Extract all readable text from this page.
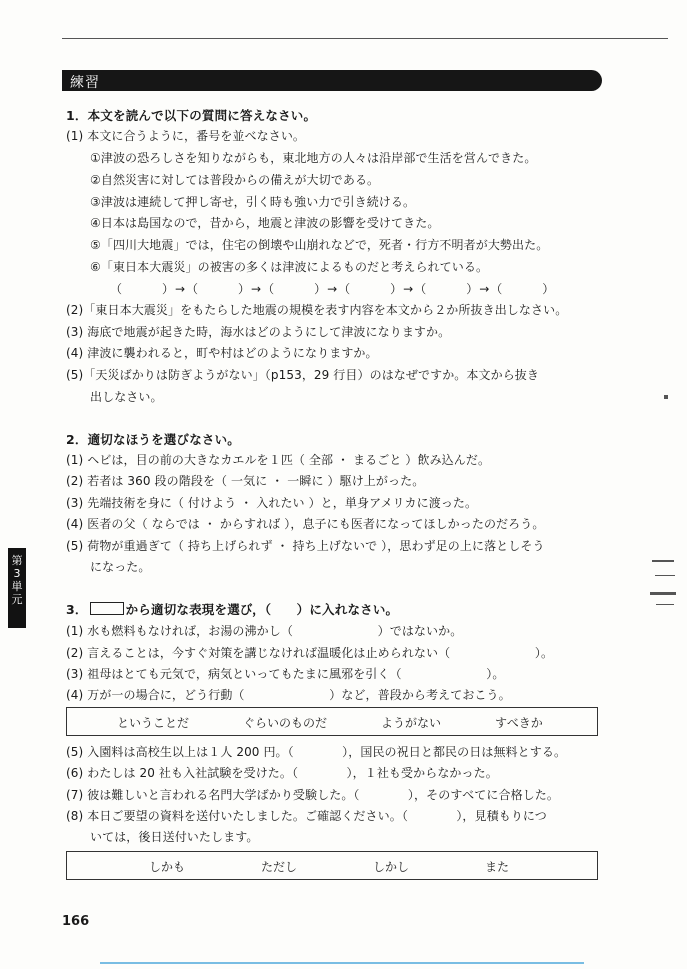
練習
1．本文を読んで以下の質問に答えなさい。
(1) 本文に合うように，番号を並べなさい。
①津波の恐ろしさを知りながらも，東北地方の人々は沿岸部で生活を営んできた。
②自然災害に対しては普段からの備えが大切である。
③津波は連続して押し寄せ，引く時も強い力で引き続ける。
④日本は島国なので，昔から，地震と津波の影響を受けてきた。
⑤「四川大地震」では，住宅の倒壊や山崩れなどで，死者・行方不明者が大勢出た。
⑥「東日本大震災」の被害の多くは津波によるものだと考えられている。
（　　　）→（　　　）→（　　　）→（　　　）→（　　　）→（　　　）
(2)「東日本大震災」をもたらした地震の規模を表す内容を本文から２か所抜き出しなさい。
(3) 海底で地震が起きた時，海水はどのようにして津波になりますか。
(4) 津波に襲われると，町や村はどのようになりますか。
(5)「天災ばかりは防ぎようがない」（p153，29 行目）のはなぜですか。本文から抜き
出しなさい。
2．適切なほうを選びなさい。
(1) ヘビは，目の前の大きなカエルを１匹（ 全部 ・ まるごと ）飲み込んだ。
(2) 若者は 360 段の階段を（ 一気に ・ 一瞬に ）駆け上がった。
(3) 先端技術を身に（ 付けよう ・ 入れたい ）と，単身アメリカに渡った。
(4) 医者の父（ ならでは ・ からすれば ），息子にも医者になってほしかったのだろう。
(5) 荷物が重過ぎて（ 持ち上げられず ・ 持ち上げないで ），思わず足の上に落としそう
になった。
3．	から適切な表現を選び，（　　）に入れなさい。
(1) 水も燃料もなければ，お湯の沸かし（　　　　　　　）ではないか。
(2) 言えることは，今すぐ対策を講じなければ温暖化は止められない（　　　　　　　）。
(3) 祖母はとても元気で，病気といってもたまに風邪を引く（　　　　　　　）。
(4) 万が一の場合に，どう行動（　　　　　　　）など，普段から考えておこう。
ということだ	ぐらいのものだ	ようがない	すべきか
(5) 入園料は高校生以上は１人 200 円。（　　　　），国民の祝日と都民の日は無料とする。
(6) わたしは 20 社も入社試験を受けた。（　　　　），１社も受からなかった。
(7) 彼は難しいと言われる名門大学ばかり受験した。（　　　　），そのすべてに合格した。
(8) 本日ご要望の資料を送付いたしました。ご確認ください。（　　　　），見積もりにつ
いては，後日送付いたします。
しかも	ただし	しかし	また
第
3
単
元
166
